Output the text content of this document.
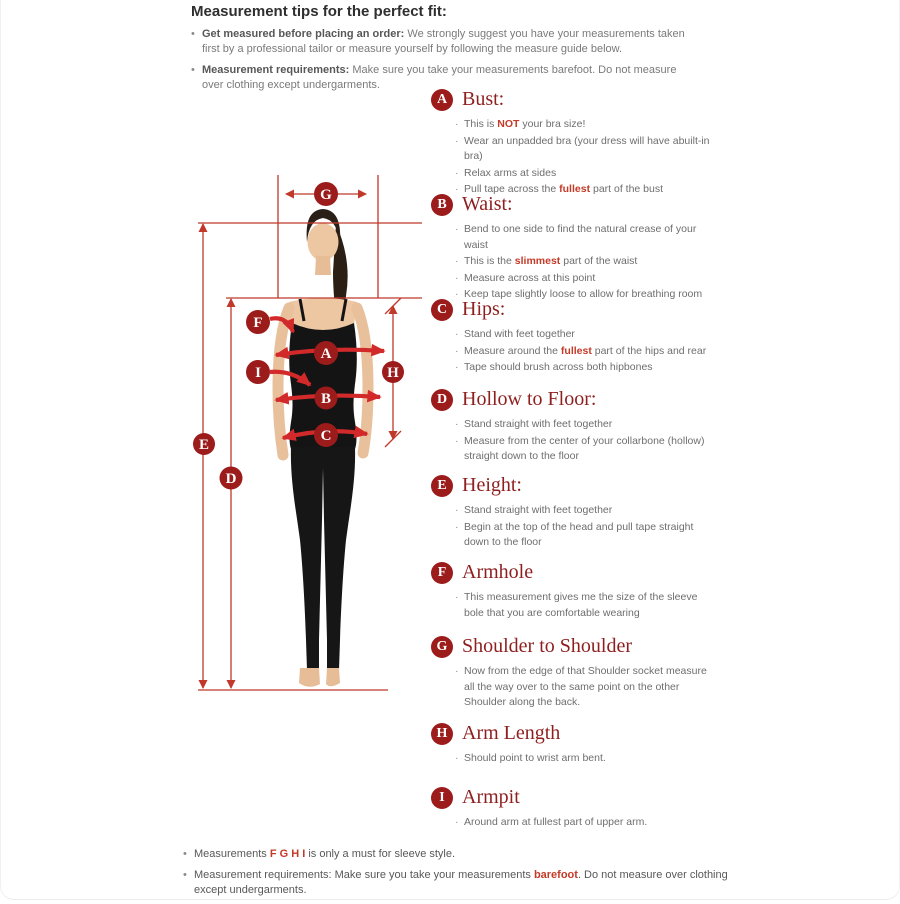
Measurement tips for the perfect fit:
• Get measured before placing an order: We strongly suggest you have your measurements taken first by a professional tailor or measure yourself by following the measure guide below.
• Measurement requirements: Make sure you take your measurements barefoot. Do not measure over clothing except undergarments.
G
F
I
A
B
C
H
E
D
A Bust:
· This is NOT your bra size!
· Wear an unpadded bra (your dress will have abuilt-in bra)
· Relax arms at sides
· Pull tape across the fullest part of the bust
B Waist:
· Bend to one side to find the natural crease of your waist
· This is the slimmest part of the waist
· Measure across at this point
· Keep tape slightly loose to allow for breathing room
C Hips:
· Stand with feet together
· Measure around the fullest part of the hips and rear
· Tape should brush across both hipbones
D Hollow to Floor:
· Stand straight with feet together
· Measure from the center of your collarbone (hollow) straight down to the floor
E Height:
· Stand straight with feet together
· Begin at the top of the head and pull tape straight down to the floor
F Armhole
· This measurement gives me the size of the sleeve bole that you are comfortable wearing
G Shoulder to Shoulder
· Now from the edge of that Shoulder socket measure all the way over to the same point on the other Shoulder along the back.
H Arm Length
· Should point to wrist arm bent.
I Armpit
· Around arm at fullest part of upper arm.
• Measurements F G H I is only a must for sleeve style.
• Measurement requirements: Make sure you take your measurements barefoot. Do not measure over clothing except undergarments.
